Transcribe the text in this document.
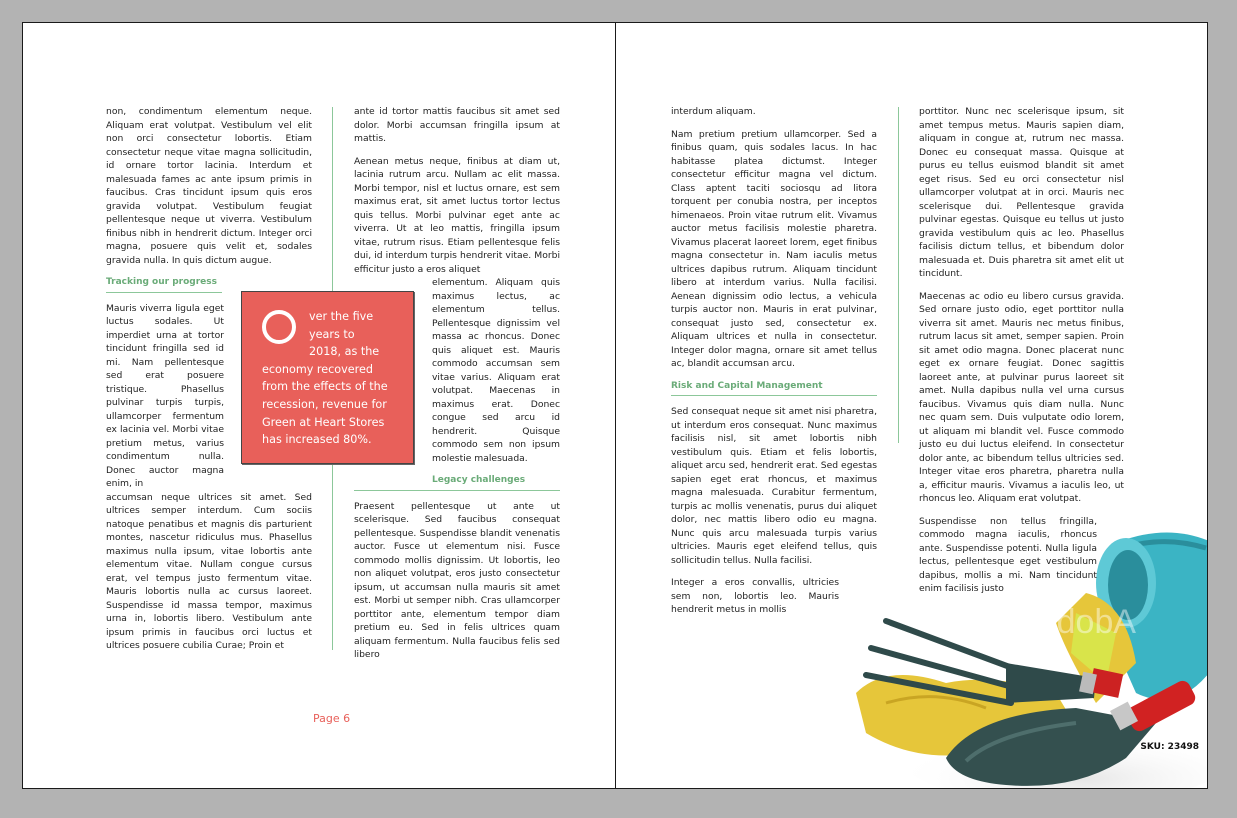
non, condimentum elementum neque. Aliquam erat volutpat. Vestibulum vel elit non orci consectetur lobortis. Etiam consectetur neque vitae magna sollicitudin, id ornare tortor lacinia. Interdum et malesuada fames ac ante ipsum primis in faucibus. Cras tincidunt ipsum quis eros gravida volutpat. Vestibulum feugiat pellentesque neque ut viverra. Vestibulum finibus nibh in hendrerit dictum. Integer orci magna, posuere quis velit et, sodales gravida nulla. In quis dictum augue.

Tracking our progress

Mauris viverra ligula eget luctus sodales. Ut imperdiet urna at tortor tincidunt fringilla sed id mi. Nam pellentesque sed erat posuere tristique. Phasellus pulvinar turpis turpis, ullamcorper fermentum ex lacinia vel. Morbi vitae pretium metus, varius condimentum nulla. Donec auctor magna enim, in

accumsan neque ultrices sit amet. Sed ultrices semper interdum. Cum sociis natoque penatibus et magnis dis parturient montes, nascetur ridiculus mus. Phasellus maximus nulla ipsum, vitae lobortis ante elementum vitae. Nullam congue cursus erat, vel tempus justo fermentum vitae. Mauris lobortis nulla ac cursus laoreet. Suspendisse id massa tempor, maximus urna in, lobortis libero. Vestibulum ante ipsum primis in faucibus orci luctus et ultrices posuere cubilia Curae; Proin et

ante id tortor mattis faucibus sit amet sed dolor. Morbi accumsan fringilla ipsum at mattis.

Aenean metus neque, finibus at diam ut, lacinia rutrum arcu. Nullam ac elit massa. Morbi tempor, nisl et luctus ornare, est sem maximus erat, sit amet luctus tortor lectus quis tellus. Morbi pulvinar eget ante ac viverra. Ut at leo mattis, fringilla ipsum vitae, rutrum risus. Etiam pellentesque felis dui, id interdum turpis hendrerit vitae. Morbi efficitur justo a eros aliquet

elementum. Aliquam quis maximus lectus, ac elementum tellus. Pellentesque dignissim vel massa ac rhoncus. Donec quis aliquet est. Mauris commodo accumsan sem vitae varius. Aliquam erat volutpat. Maecenas in maximus erat. Donec congue sed arcu id hendrerit. Quisque commodo sem non ipsum molestie malesuada.

Legacy challenges

Praesent pellentesque ut ante ut scelerisque. Sed faucibus consequat pellentesque. Suspendisse blandit venenatis auctor. Fusce ut elementum nisi. Fusce commodo mollis dignissim. Ut lobortis, leo non aliquet volutpat, eros justo consectetur ipsum, ut accumsan nulla mauris sit amet est. Morbi ut semper nibh. Cras ullamcorper porttitor ante, elementum tempor diam pretium eu. Sed in felis ultrices quam aliquam fermentum. Nulla faucibus felis sed libero

ver the five
years to
2018, as the
economy recovered from the effects of the recession, revenue for Green at Heart Stores has increased 80%.
Page 6

interdum aliquam.

Nam pretium pretium ullamcorper. Sed a finibus quam, quis sodales lacus. In hac habitasse platea dictumst. Integer consectetur efficitur magna vel dictum. Class aptent taciti sociosqu ad litora torquent per conubia nostra, per inceptos himenaeos. Proin vitae rutrum elit. Vivamus auctor metus facilisis molestie pharetra. Vivamus placerat laoreet lorem, eget finibus magna consectetur in. Nam iaculis metus ultrices dapibus rutrum. Aliquam tincidunt libero at interdum varius. Nulla facilisi. Aenean dignissim odio lectus, a vehicula turpis auctor non. Mauris in erat pulvinar, consequat justo sed, consectetur ex. Aliquam ultrices et nulla in consectetur. Integer dolor magna, ornare sit amet tellus ac, blandit accumsan arcu.

Risk and Capital Management

Sed consequat neque sit amet nisi pharetra, ut interdum eros consequat. Nunc maximus facilisis nisl, sit amet lobortis nibh vestibulum quis. Etiam et felis lobortis, aliquet arcu sed, hendrerit erat. Sed egestas sapien eget erat rhoncus, et maximus magna malesuada. Curabitur fermentum, turpis ac mollis venenatis, purus dui aliquet dolor, nec mattis libero odio eu magna. Nunc quis arcu malesuada turpis varius ultricies. Mauris eget eleifend tellus, quis sollicitudin tellus. Nulla facilisi.

Integer a eros convallis, ultricies sem non, lobortis leo. Mauris hendrerit metus in mollis	Adobe Stock

porttitor. Nunc nec scelerisque ipsum, sit amet tempus metus. Mauris sapien diam, aliquam in congue at, rutrum nec massa. Donec eu consequat massa. Quisque at purus eu tellus euismod blandit sit amet eget risus. Sed eu orci consectetur nisl ullamcorper volutpat at in orci. Mauris nec scelerisque dui. Pellentesque gravida pulvinar egestas. Quisque eu tellus ut justo gravida vestibulum quis ac leo. Phasellus facilisis dictum tellus, et bibendum dolor malesuada et. Duis pharetra sit amet elit ut tincidunt.

Maecenas ac odio eu libero cursus gravida. Sed ornare justo odio, eget porttitor nulla viverra sit amet. Mauris nec metus finibus, rutrum lacus sit amet, semper sapien. Proin sit amet odio magna. Donec placerat nunc eget ex ornare feugiat. Donec sagittis laoreet ante, at pulvinar purus laoreet sit amet. Nulla dapibus nulla vel urna cursus faucibus. Vivamus quis diam nulla. Nunc nec quam sem. Duis vulputate odio lorem, ut aliquam mi blandit vel. Fusce commodo justo eu dui luctus eleifend. In consectetur dolor ante, ac bibendum tellus ultricies sed. Integer vitae eros pharetra, pharetra nulla a, efficitur mauris. Vivamus a iaculis leo, ut rhoncus leo. Aliquam erat volutpat.

Suspendisse non tellus fringilla, commodo magna iaculis, rhoncus ante. Suspendisse potenti. Nulla ligula lectus, pellentesque eget vestibulum dapibus, mollis a mi. Nam tincidunt enim facilisis justo

SKU: 23498
